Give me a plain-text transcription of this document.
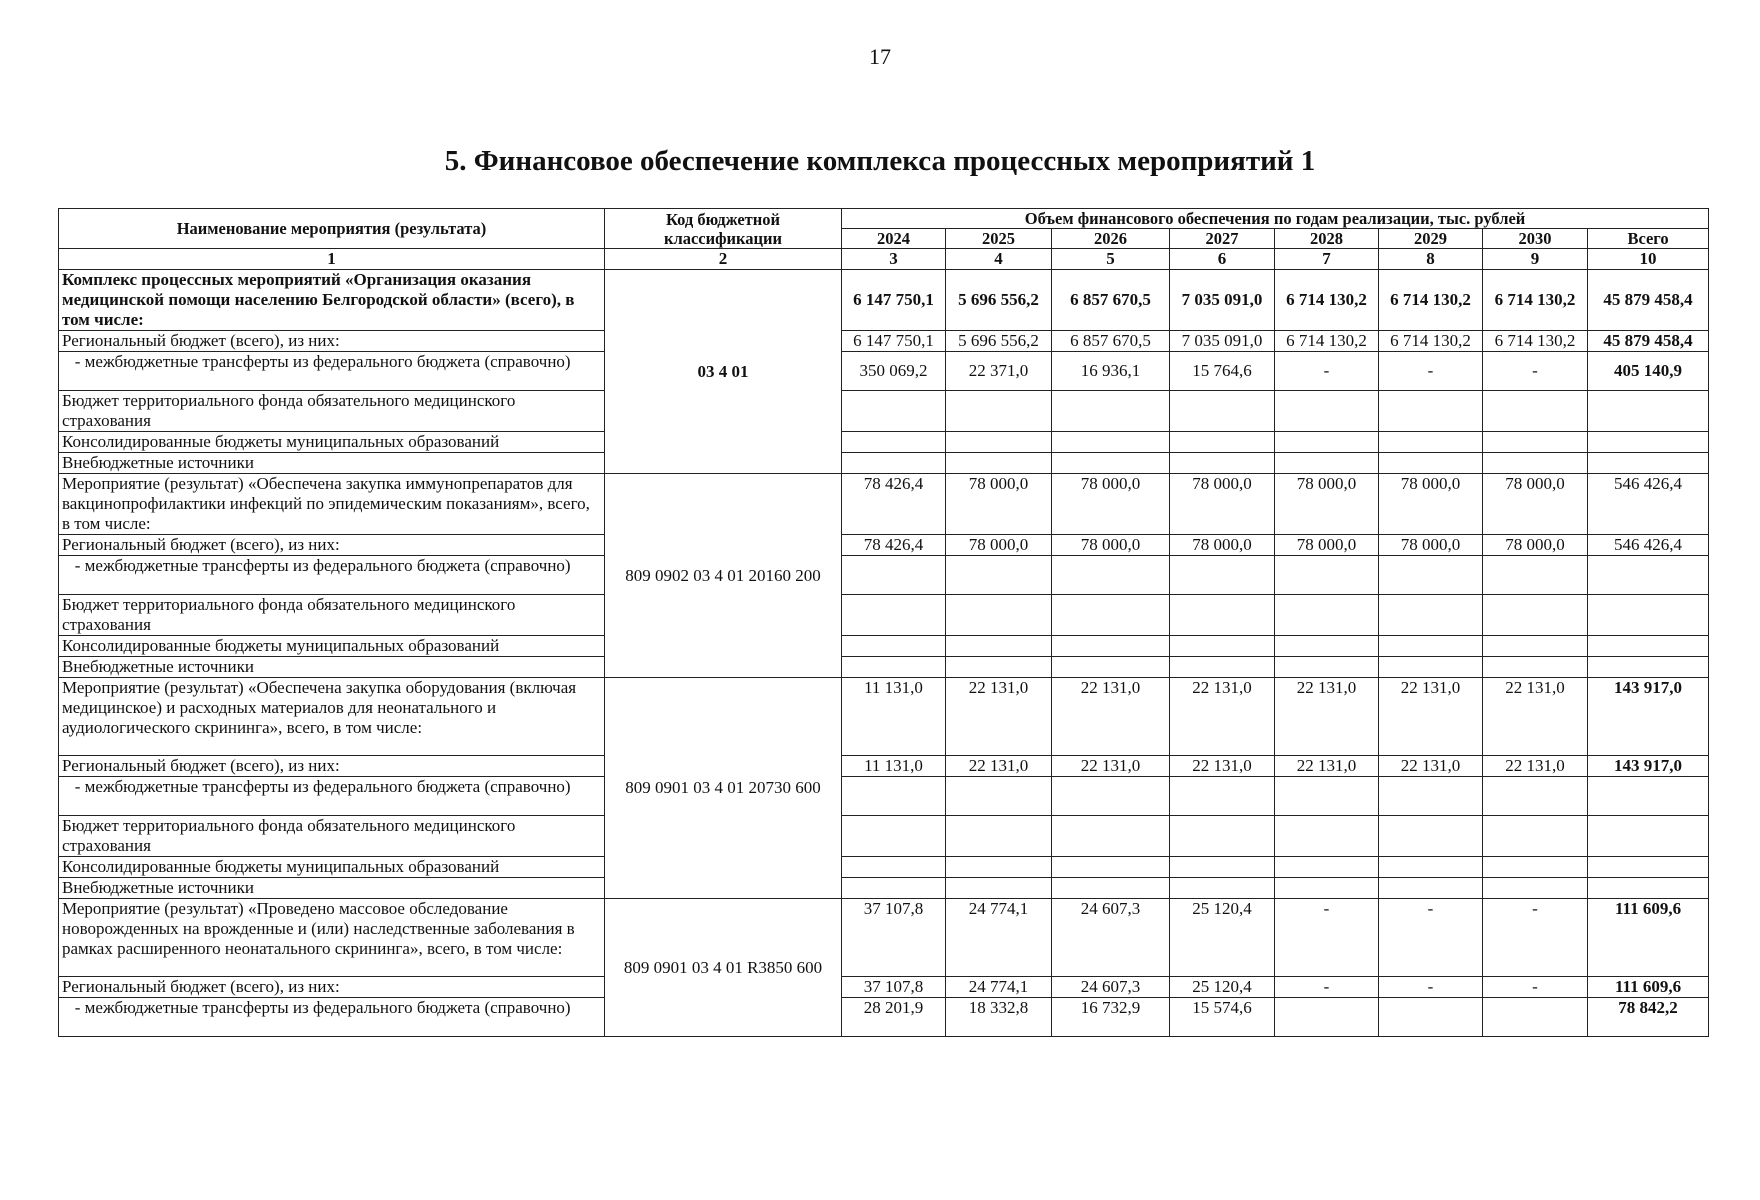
17
5. Финансовое обеспечение комплекса процессных мероприятий 1
Наименование мероприятия (результата)	Код бюджетной классификации	Объем финансового обеспечения по годам реализации, тыс. рублей							
		2024	2025	2026	2027	2028	2029	2030	Всего
1	2	3	4	5	6	7	8	9	10
Комплекс процессных мероприятий «Организация оказания медицинской помощи населению Белгородской области» (всего), в том числе:	03 4 01	6 147 750,1	5 696 556,2	6 857 670,5	7 035 091,0	6 714 130,2	6 714 130,2	6 714 130,2	45 879 458,4
Региональный бюджет (всего), из них:		6 147 750,1	5 696 556,2	6 857 670,5	7 035 091,0	6 714 130,2	6 714 130,2	6 714 130,2	45 879 458,4
- межбюджетные трансферты из федерального бюджета (справочно)		350 069,2	22 371,0	16 936,1	15 764,6	-	-	-	405 140,9
Бюджет территориального фонда обязательного медицинского страхования									
Консолидированные бюджеты муниципальных образований									
Внебюджетные источники									
Мероприятие (результат) «Обеспечена закупка иммунопрепаратов для вакцинопрофилактики инфекций по эпидемическим показаниям», всего, в том числе:	809 0902 03 4 01 20160 200	78 426,4	78 000,0	78 000,0	78 000,0	78 000,0	78 000,0	78 000,0	546 426,4
Региональный бюджет (всего), из них:		78 426,4	78 000,0	78 000,0	78 000,0	78 000,0	78 000,0	78 000,0	546 426,4
- межбюджетные трансферты из федерального бюджета (справочно)									
Бюджет территориального фонда обязательного медицинского страхования									
Консолидированные бюджеты муниципальных образований									
Внебюджетные источники									
Мероприятие (результат) «Обеспечена закупка оборудования (включая медицинское) и расходных материалов для неонатального и аудиологического скрининга», всего, в том числе:	809 0901 03 4 01 20730 600	11 131,0	22 131,0	22 131,0	22 131,0	22 131,0	22 131,0	22 131,0	143 917,0
Региональный бюджет (всего), из них:		11 131,0	22 131,0	22 131,0	22 131,0	22 131,0	22 131,0	22 131,0	143 917,0
- межбюджетные трансферты из федерального бюджета (справочно)									
Бюджет территориального фонда обязательного медицинского страхования									
Консолидированные бюджеты муниципальных образований									
Внебюджетные источники									
Мероприятие (результат) «Проведено массовое обследование новорожденных на врожденные и (или) наследственные заболевания в рамках расширенного неонатального скрининга», всего, в том числе:	809 0901 03 4 01 R3850 600	37 107,8	24 774,1	24 607,3	25 120,4	-	-	-	111 609,6
Региональный бюджет (всего), из них:		37 107,8	24 774,1	24 607,3	25 120,4	-	-	-	111 609,6
- межбюджетные трансферты из федерального бюджета (справочно)		28 201,9	18 332,8	16 732,9	15 574,6				78 842,2
